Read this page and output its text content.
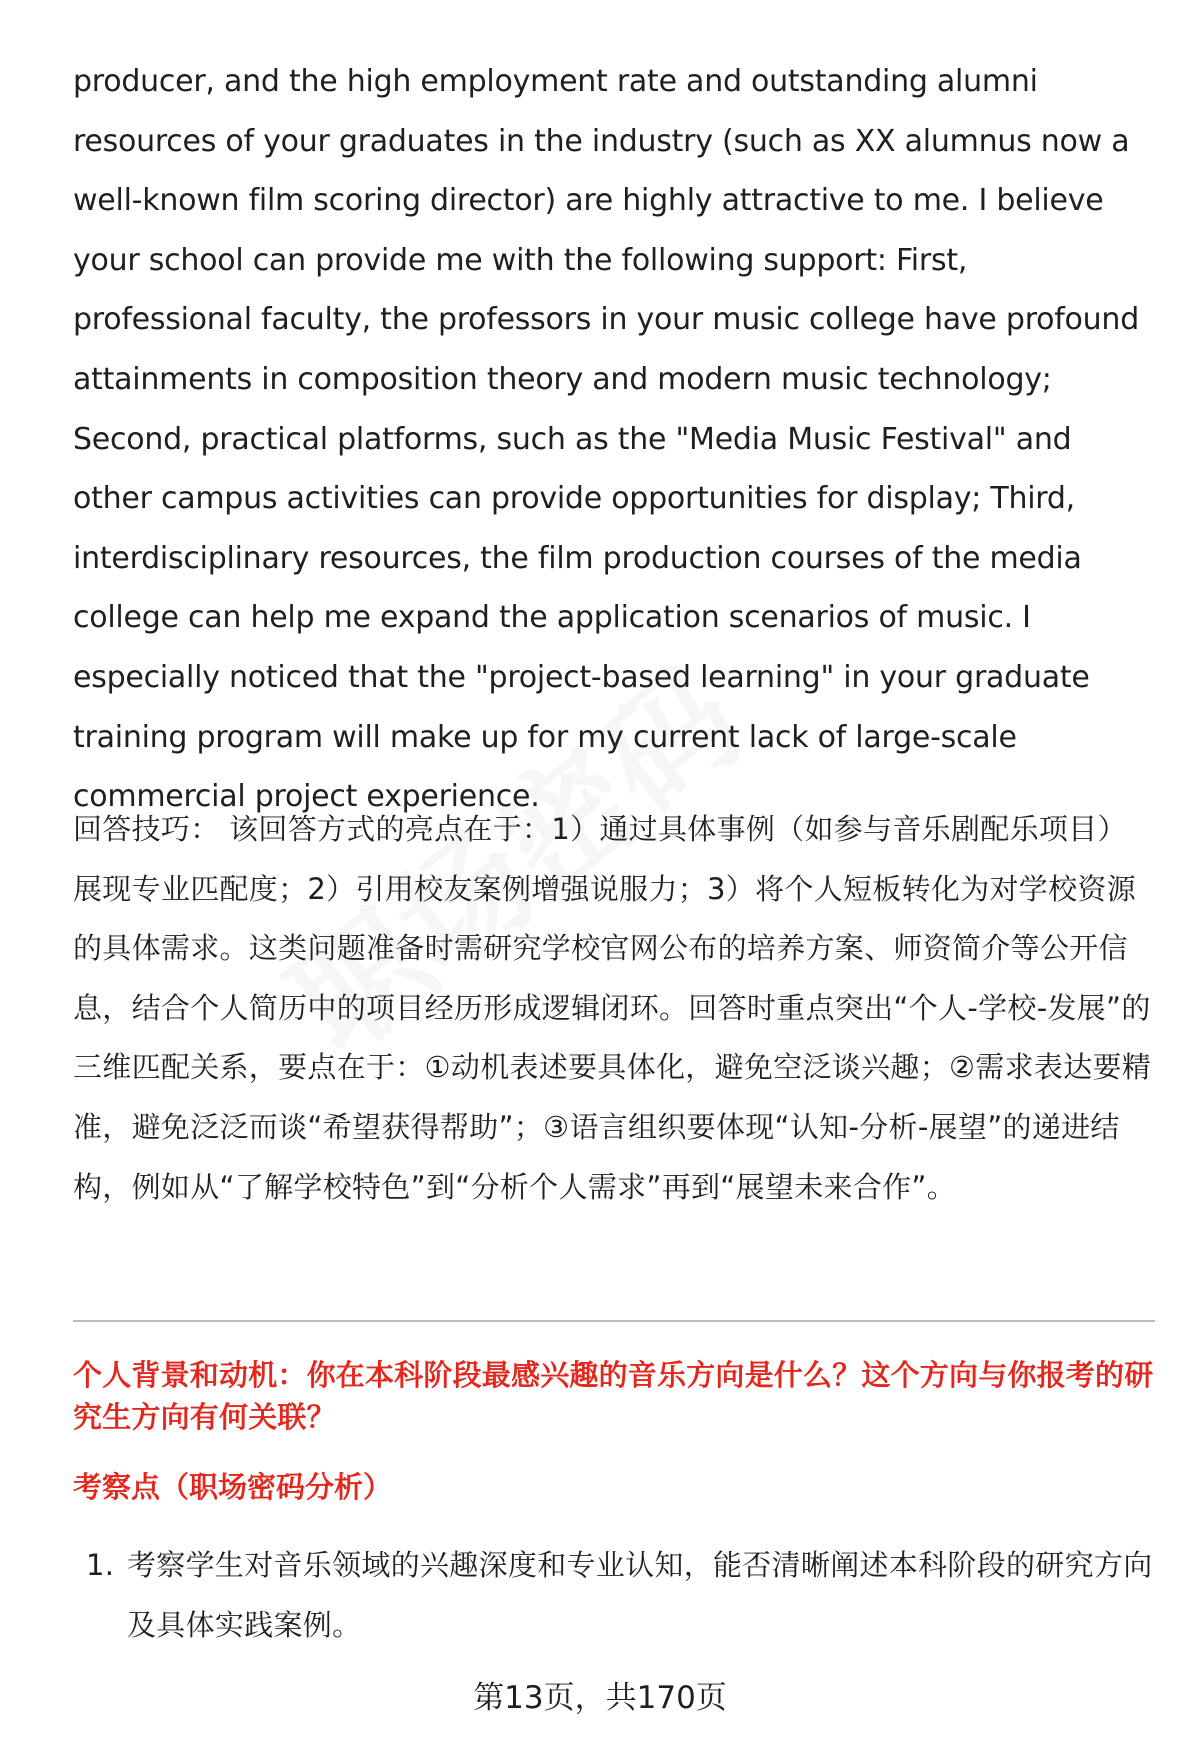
producer, and the high employment rate and outstanding alumni resources of your graduates in the industry (such as XX alumnus now a well-known film scoring director) are highly attractive to me. I believe your school can provide me with the following support: First, professional faculty, the professors in your music college have profound attainments in composition theory and modern music technology; Second, practical platforms, such as the "Media Music Festival" and other campus activities can provide opportunities for display; Third, interdisciplinary resources, the film production courses of the media college can help me expand the application scenarios of music. I especially noticed that the "project-based learning" in your graduate training program will make up for my current lack of large-scale commercial project experience.

回答技巧： 该回答方式的亮点在于：1）通过具体事例（如参与音乐剧配乐项目）展现专业匹配度；2）引用校友案例增强说服力；3）将个人短板转化为对学校资源的具体需求。这类问题准备时需研究学校官网公布的培养方案、师资简介等公开信息，结合个人简历中的项目经历形成逻辑闭环。回答时重点突出“个人-学校-发展”的三维匹配关系，要点在于：①动机表述要具体化，避免空泛谈兴趣；②需求表达要精准，避免泛泛而谈“希望获得帮助”；③语言组织要体现“认知-分析-展望”的递进结构，例如从“了解学校特色”到“分析个人需求”再到“展望未来合作”。

个人背景和动机：你在本科阶段最感兴趣的音乐方向是什么？这个方向与你报考的研究生方向有何关联？
考察点（职场密码分析）
1. 考察学生对音乐领域的兴趣深度和专业认知，能否清晰阐述本科阶段的研究方向及具体实践案例。
第13页，共170页
